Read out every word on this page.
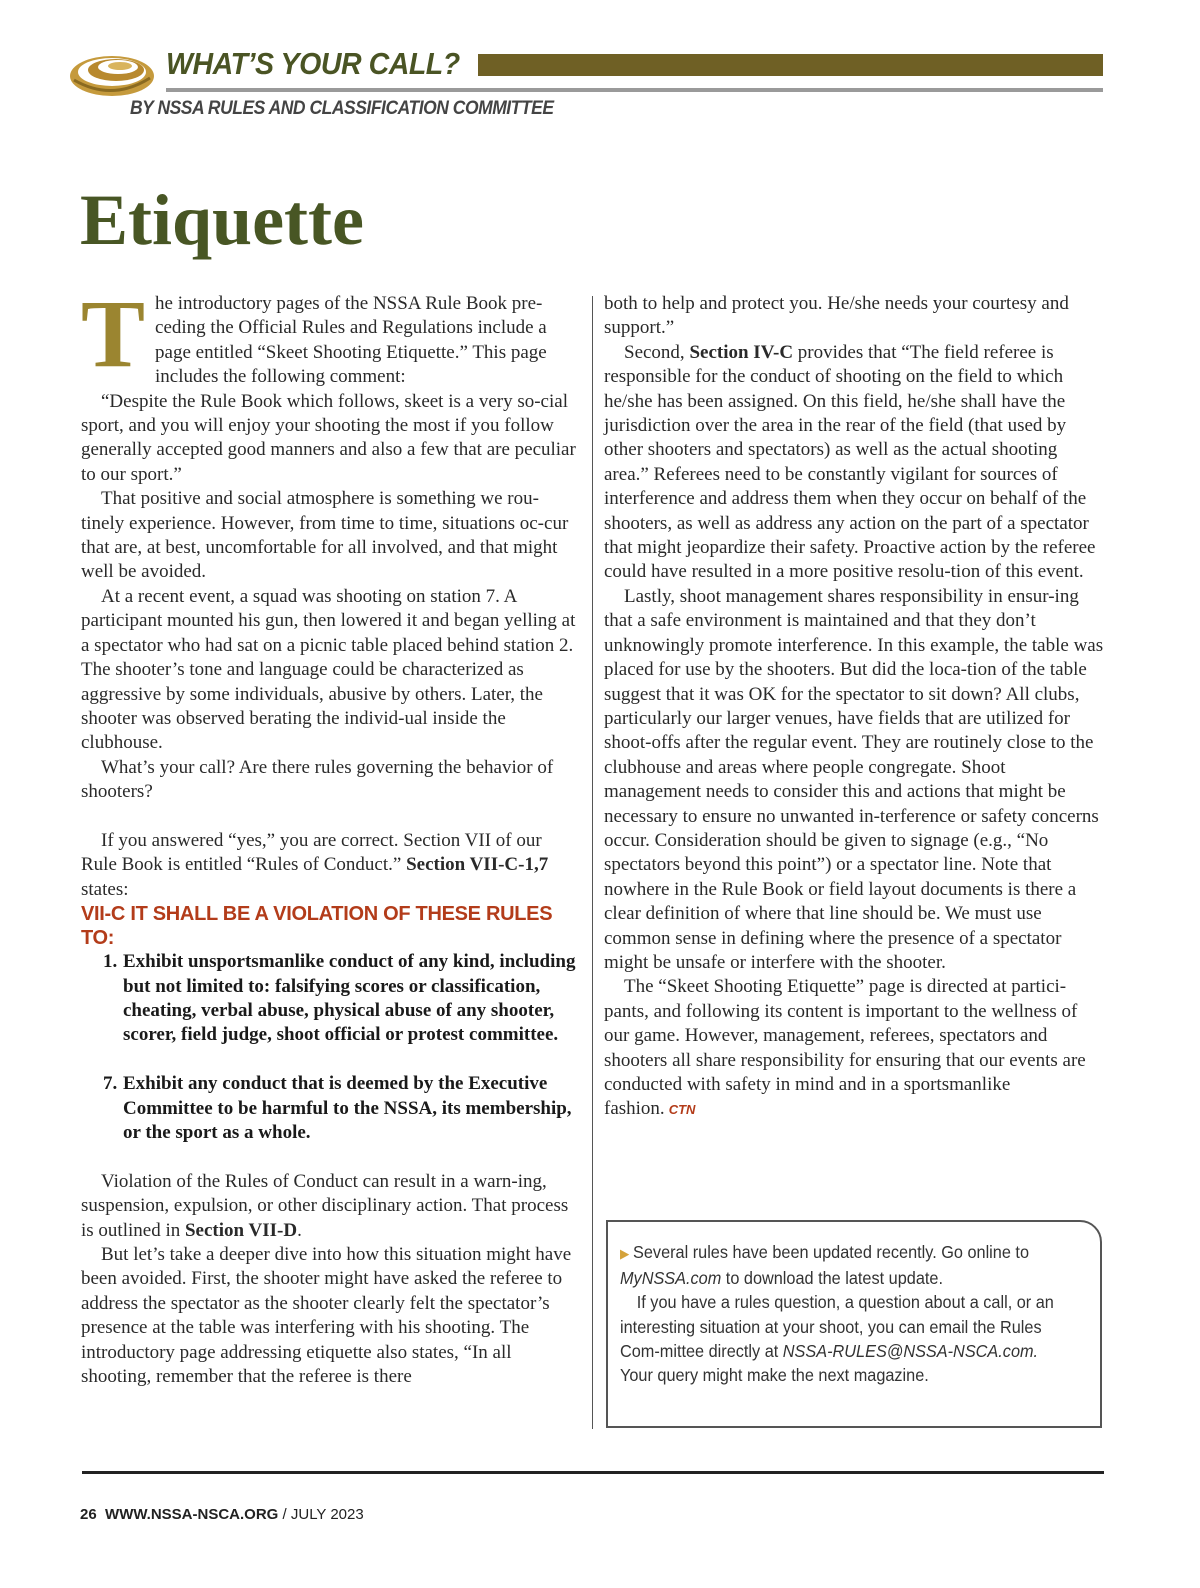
WHAT’S YOUR CALL?
BY NSSA RULES AND CLASSIFICATION COMMITTEE
Etiquette

The introductory pages of the NSSA Rule Book pre-ceding the Official Rules and Regulations include a page entitled “Skeet Shooting Etiquette.” This page includes the following comment:

“Despite the Rule Book which follows, skeet is a very so-cial sport, and you will enjoy your shooting the most if you follow generally accepted good manners and also a few that are peculiar to our sport.”

That positive and social atmosphere is something we rou-tinely experience. However, from time to time, situations oc-cur that are, at best, uncomfortable for all involved, and that might well be avoided.

At a recent event, a squad was shooting on station 7. A participant mounted his gun, then lowered it and began yelling at a spectator who had sat on a picnic table placed behind station 2. The shooter’s tone and language could be characterized as aggressive by some individuals, abusive by others. Later, the shooter was observed berating the individ-ual inside the clubhouse.

What’s your call? Are there rules governing the behavior of shooters?

If you answered “yes,” you are correct. Section VII of our Rule Book is entitled “Rules of Conduct.” Section VII-C-1,7 states:

VII-C IT SHALL BE A VIOLATION OF THESE RULES TO:

1. Exhibit unsportsmanlike conduct of any kind, including but not limited to: falsifying scores or classification, cheating, verbal abuse, physical abuse of any shooter, scorer, field judge, shoot official or protest committee.
7. Exhibit any conduct that is deemed by the Executive Committee to be harmful to the NSSA, its membership, or the sport as a whole.

Violation of the Rules of Conduct can result in a warn-ing, suspension, expulsion, or other disciplinary action. That process is outlined in Section VII-D.

But let’s take a deeper dive into how this situation might have been avoided. First, the shooter might have asked the referee to address the spectator as the shooter clearly felt the spectator’s presence at the table was interfering with his shooting. The introductory page addressing etiquette also states, “In all shooting, remember that the referee is there

both to help and protect you. He/she needs your courtesy and support.”

Second, Section IV-C provides that “The field referee is responsible for the conduct of shooting on the field to which he/she has been assigned. On this field, he/she shall have the jurisdiction over the area in the rear of the field (that used by other shooters and spectators) as well as the actual shooting area.” Referees need to be constantly vigilant for sources of interference and address them when they occur on behalf of the shooters, as well as address any action on the part of a spectator that might jeopardize their safety. Proactive action by the referee could have resulted in a more positive resolu-tion of this event.

Lastly, shoot management shares responsibility in ensur-ing that a safe environment is maintained and that they don’t unknowingly promote interference. In this example, the table was placed for use by the shooters. But did the loca-tion of the table suggest that it was OK for the spectator to sit down? All clubs, particularly our larger venues, have fields that are utilized for shoot-offs after the regular event. They are routinely close to the clubhouse and areas where people congregate. Shoot management needs to consider this and actions that might be necessary to ensure no unwanted in-terference or safety concerns occur. Consideration should be given to signage (e.g., “No spectators beyond this point”) or a spectator line. Note that nowhere in the Rule Book or field layout documents is there a clear definition of where that line should be. We must use common sense in defining where the presence of a spectator might be unsafe or interfere with the shooter.

The “Skeet Shooting Etiquette” page is directed at partici-pants, and following its content is important to the wellness of our game. However, management, referees, spectators and shooters all share responsibility for ensuring that our events are conducted with safety in mind and in a sportsmanlike fashion. CTN

▶ Several rules have been updated recently. Go online to MyNSSA.com to download the latest update.

If you have a rules question, a question about a call, or an interesting situation at your shoot, you can email the Rules Com-mittee directly at NSSA-RULES@NSSA-NSCA.com. Your query might make the next magazine.

26 WWW.NSSA-NSCA.ORG / JULY 2023
